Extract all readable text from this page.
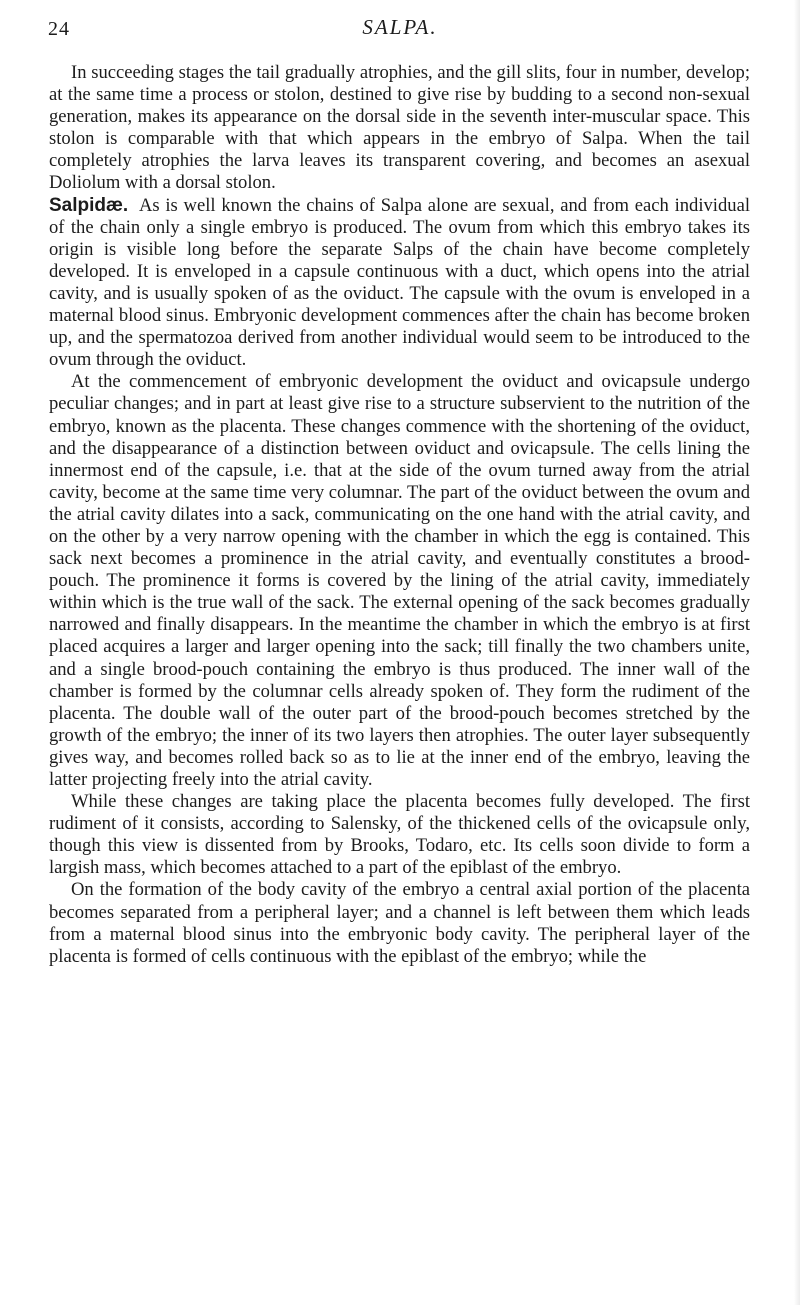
24	SALPA.

In succeeding stages the tail gradually atrophies, and the gill slits, four in number, develop; at the same time a process or stolon, destined to give rise by budding to a second non-sexual generation, makes its appearance on the dorsal side in the seventh inter-muscular space. This stolon is comparable with that which appears in the embryo of Salpa. When the tail completely atrophies the larva leaves its transparent covering, and becomes an asexual Doliolum with a dorsal stolon.

Salpidæ. As is well known the chains of Salpa alone are sexual, and from each individual of the chain only a single embryo is produced. The ovum from which this embryo takes its origin is visible long before the separate Salps of the chain have become completely developed. It is enveloped in a capsule continuous with a duct, which opens into the atrial cavity, and is usually spoken of as the oviduct. The capsule with the ovum is enveloped in a maternal blood sinus. Embryonic development commences after the chain has become broken up, and the spermatozoa derived from another individual would seem to be introduced to the ovum through the oviduct.

At the commencement of embryonic development the oviduct and ovicapsule undergo peculiar changes; and in part at least give rise to a structure subservient to the nutrition of the embryo, known as the placenta. These changes commence with the shortening of the oviduct, and the disappearance of a distinction between oviduct and ovicapsule. The cells lining the innermost end of the capsule, i.e. that at the side of the ovum turned away from the atrial cavity, become at the same time very columnar. The part of the oviduct between the ovum and the atrial cavity dilates into a sack, communicating on the one hand with the atrial cavity, and on the other by a very narrow opening with the chamber in which the egg is contained. This sack next becomes a prominence in the atrial cavity, and eventually constitutes a brood-pouch. The prominence it forms is covered by the lining of the atrial cavity, immediately within which is the true wall of the sack. The external opening of the sack becomes gradually narrowed and finally disappears. In the meantime the chamber in which the embryo is at first placed acquires a larger and larger opening into the sack; till finally the two chambers unite, and a single brood-pouch containing the embryo is thus produced. The inner wall of the chamber is formed by the columnar cells already spoken of. They form the rudiment of the placenta. The double wall of the outer part of the brood-pouch becomes stretched by the growth of the embryo; the inner of its two layers then atrophies. The outer layer subsequently gives way, and becomes rolled back so as to lie at the inner end of the embryo, leaving the latter projecting freely into the atrial cavity.

While these changes are taking place the placenta becomes fully developed. The first rudiment of it consists, according to Salensky, of the thickened cells of the ovicapsule only, though this view is dissented from by Brooks, Todaro, etc. Its cells soon divide to form a largish mass, which becomes attached to a part of the epiblast of the embryo.

On the formation of the body cavity of the embryo a central axial portion of the placenta becomes separated from a peripheral layer; and a channel is left between them which leads from a maternal blood sinus into the embryonic body cavity. The peripheral layer of the placenta is formed of cells continuous with the epiblast of the embryo; while the
